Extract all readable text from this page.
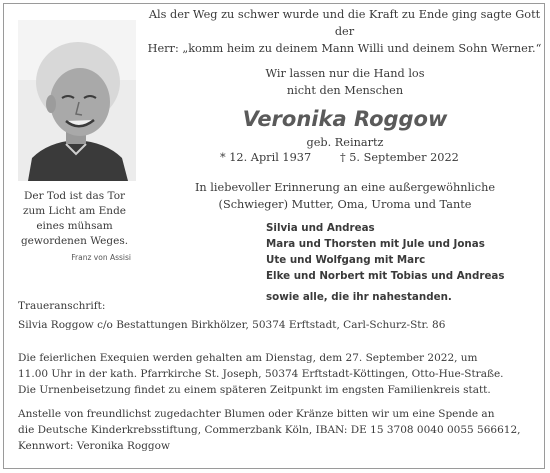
Als der Weg zu schwer wurde und die Kraft zu Ende ging sagte Gott der
Herr: „komm heim zu deinem Mann Willi und deinem Sohn Werner.“
Wir lassen nur die Hand los
nicht den Menschen
Veronika Roggow
geb. Reinartz
* 12. April 1937	† 5. September 2022
In liebevoller Erinnerung an eine außergewöhnliche
(Schwieger) Mutter, Oma, Uroma und Tante
Silvia und Andreas
Mara und Thorsten mit Jule und Jonas
Ute und Wolfgang mit Marc
Elke und Norbert mit Tobias und Andreas
sowie alle, die ihr nahestanden.
Der Tod ist das Tor
zum Licht am Ende
eines mühsam
gewordenen Weges.
Franz von Assisi
Traueranschrift:
Silvia Roggow c/o Bestattungen Birkhölzer, 50374 Erftstadt, Carl-Schurz-Str. 86
Die feierlichen Exequien werden gehalten am Dienstag, dem 27. September 2022, um
11.00 Uhr in der kath. Pfarrkirche St. Joseph, 50374 Erftstadt-Köttingen, Otto-Hue-Straße.
Die Urnenbeisetzung findet zu einem späteren Zeitpunkt im engsten Familienkreis statt.
Anstelle von freundlichst zugedachter Blumen oder Kränze bitten wir um eine Spende an
die Deutsche Kinderkrebsstiftung, Commerzbank Köln, IBAN: DE 15 3708 0040 0055 566612,
Kennwort: Veronika Roggow
